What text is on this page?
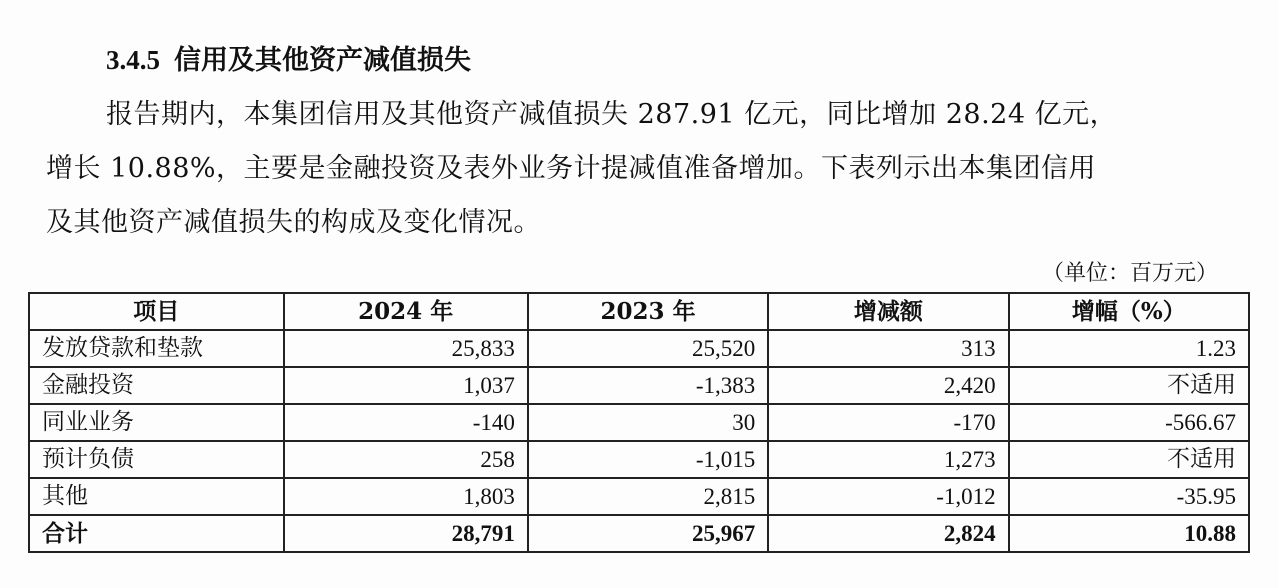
3.4.5 信用及其他资产减值损失
报告期内，本集团信用及其他资产减值损失 287.91 亿元，同比增加 28.24 亿元，
增长 10.88%，主要是金融投资及表外业务计提减值准备增加。下表列示出本集团信用
及其他资产减值损失的构成及变化情况。
（单位：百万元）
项目	2024 年	2023 年	增减额	增幅（%）
发放贷款和垫款	25,833	25,520	313	1.23
金融投资	1,037	-1,383	2,420	不适用
同业业务	-140	30	-170	-566.67
预计负债	258	-1,015	1,273	不适用
其他	1,803	2,815	-1,012	-35.95
合计	28,791	25,967	2,824	10.88
